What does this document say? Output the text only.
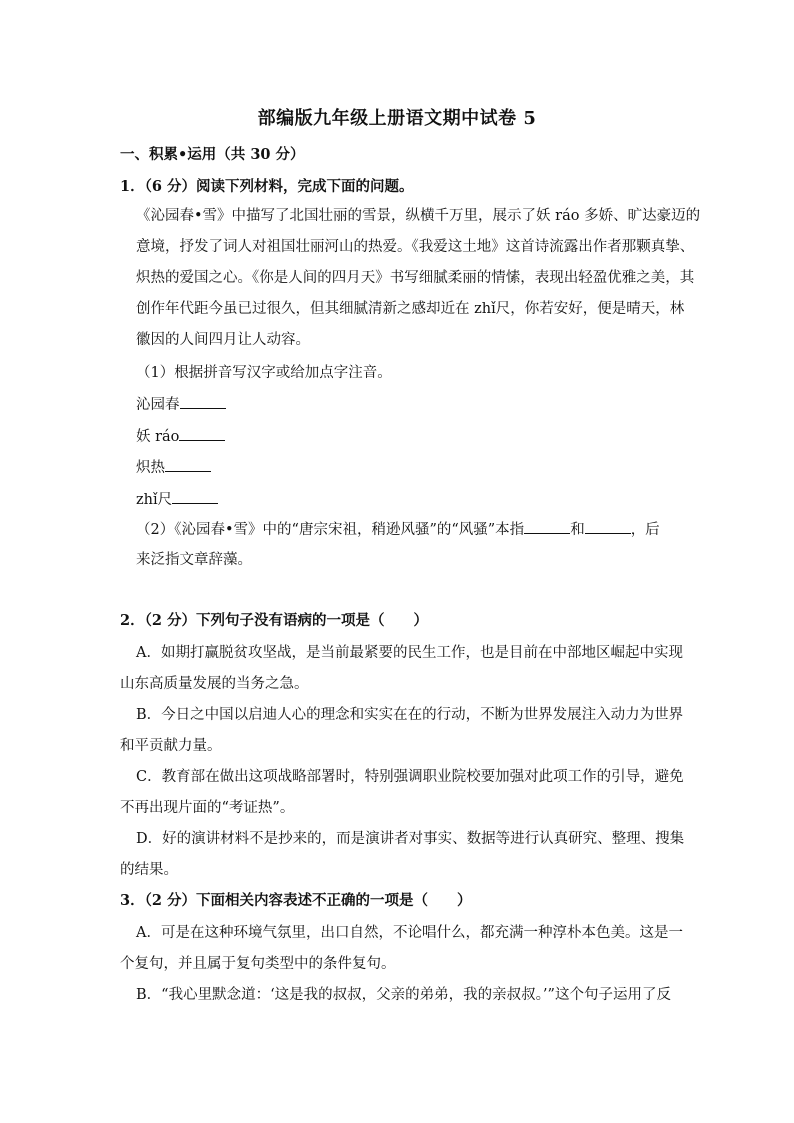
部编版九年级上册语文期中试卷 5
一、积累•运用（共 30 分）
1．（6 分）阅读下列材料，完成下面的问题。
《沁园春•雪》中描写了北国壮丽的雪景，纵横千万里，展示了妖 ráo 多娇、旷达豪迈的
意境，抒发了词人对祖国壮丽河山的热爱。《我爱这土地》这首诗流露出作者那颗真挚、
炽热的爱国之心。《你是人间的四月天》书写细腻柔丽的情愫，表现出轻盈优雅之美，其
创作年代距今虽已过很久，但其细腻清新之感却近在 zhǐ尺，你若安好，便是晴天，林
徽因的人间四月让人动容。
（1）根据拼音写汉字或给加点字注音。
沁园春
妖 ráo
炽热
zhǐ尺
（2）《沁园春•雪》中的“唐宗宋祖，稍逊风骚”的“风骚”本指	和	，后
来泛指文章辞藻。
2．（2 分）下列句子没有语病的一项是（　　）
A．如期打赢脱贫攻坚战，是当前最紧要的民生工作，也是目前在中部地区崛起中实现
山东高质量发展的当务之急。
B．今日之中国以启迪人心的理念和实实在在的行动，不断为世界发展注入动力为世界
和平贡献力量。
C．教育部在做出这项战略部署时，特别强调职业院校要加强对此项工作的引导，避免
不再出现片面的“考证热”。
D．好的演讲材料不是抄来的，而是演讲者对事实、数据等进行认真研究、整理、搜集
的结果。
3．（2 分）下面相关内容表述不正确的一项是（　　）
A．可是在这种环境气氛里，出口自然，不论唱什么，都充满一种淳朴本色美。这是一
个复句，并且属于复句类型中的条件复句。
B．“我心里默念道：‘这是我的叔叔，父亲的弟弟，我的亲叔叔。’”这个句子运用了反
